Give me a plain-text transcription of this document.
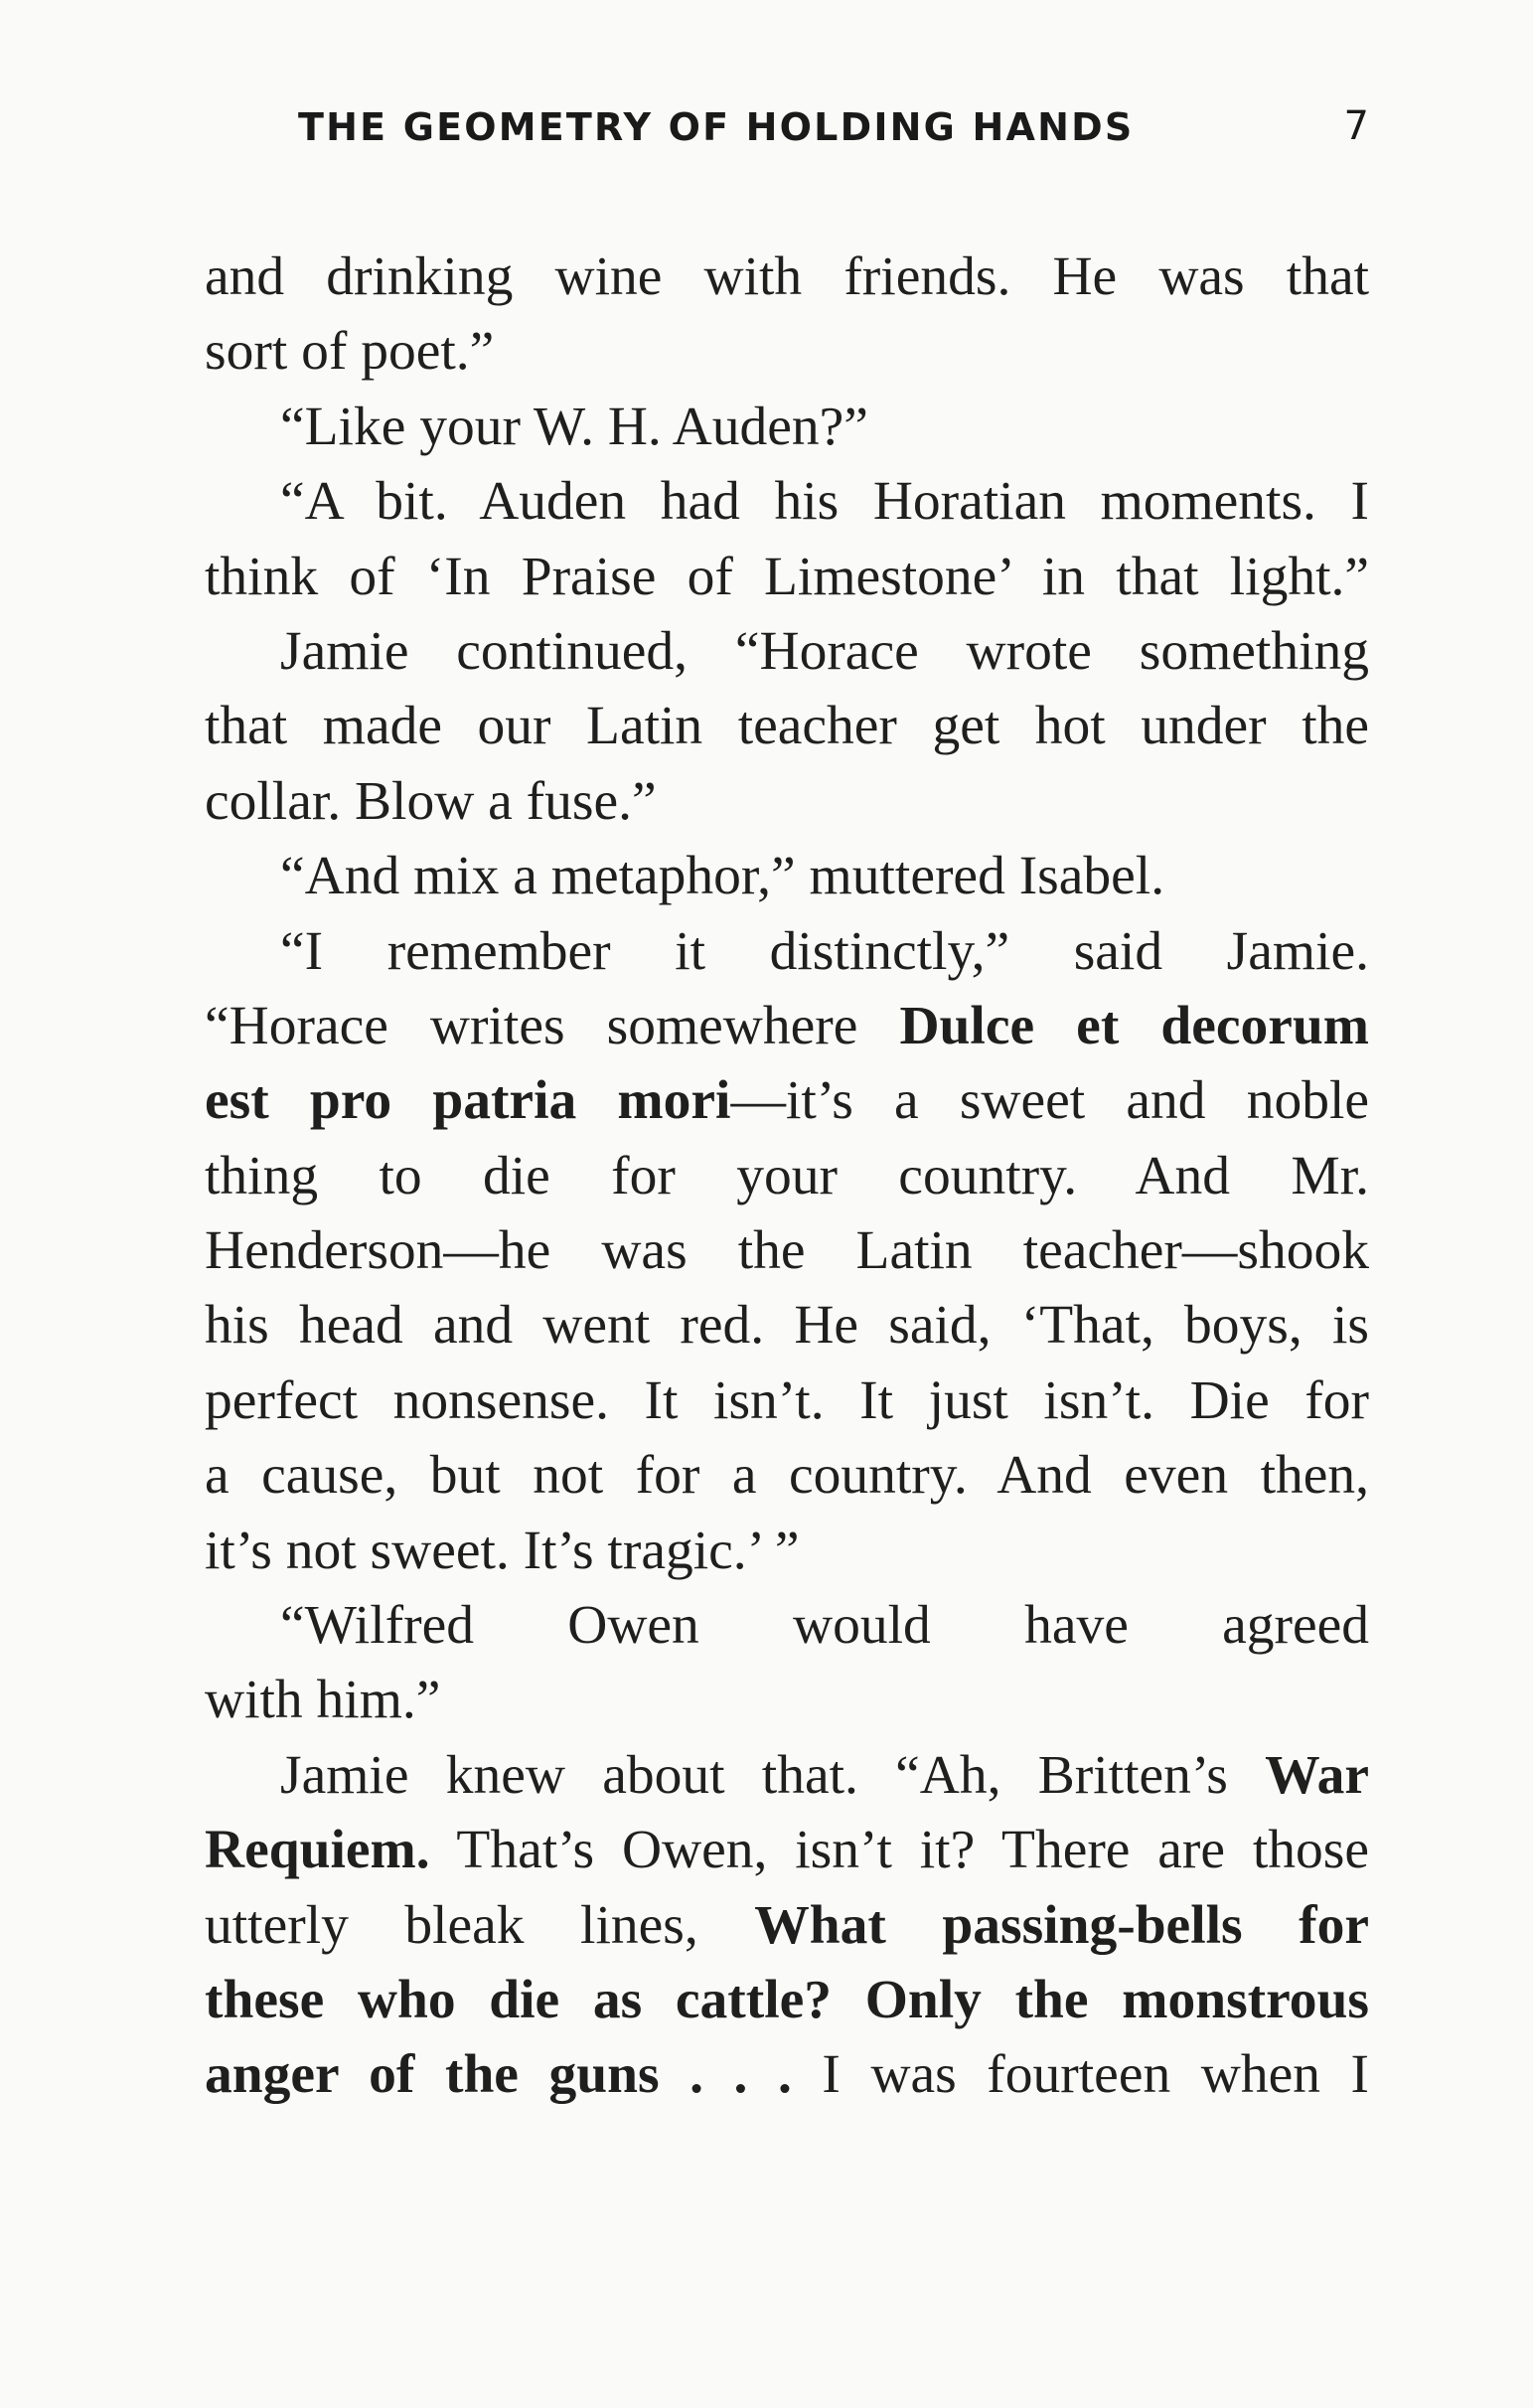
THE GEOMETRY OF HOLDING HANDS	7
and drinking wine with friends. He was that
sort of poet.”
“Like your W. H. Auden?”
“A bit. Auden had his Horatian moments. I
think of ‘In Praise of Limestone’ in that light.”
Jamie continued, “Horace wrote something
that made our Latin teacher get hot under the
collar. Blow a fuse.”
“And mix a metaphor,” muttered Isabel.
“I remember it distinctly,” said Jamie.
“Horace writes somewhere Dulce et decorum
est pro patria mori—it’s a sweet and noble
thing to die for your country. And Mr.
Henderson—he was the Latin teacher—shook
his head and went red. He said, ‘That, boys, is
perfect nonsense. It isn’t. It just isn’t. Die for
a cause, but not for a country. And even then,
it’s not sweet. It’s tragic.’ ”
“Wilfred Owen would have agreed
with him.”
Jamie knew about that. “Ah, Britten’s War
Requiem. That’s Owen, isn’t it? There are those
utterly bleak lines, What passing-bells for
these who die as cattle? Only the monstrous
anger of the guns . . . I was fourteen when I
